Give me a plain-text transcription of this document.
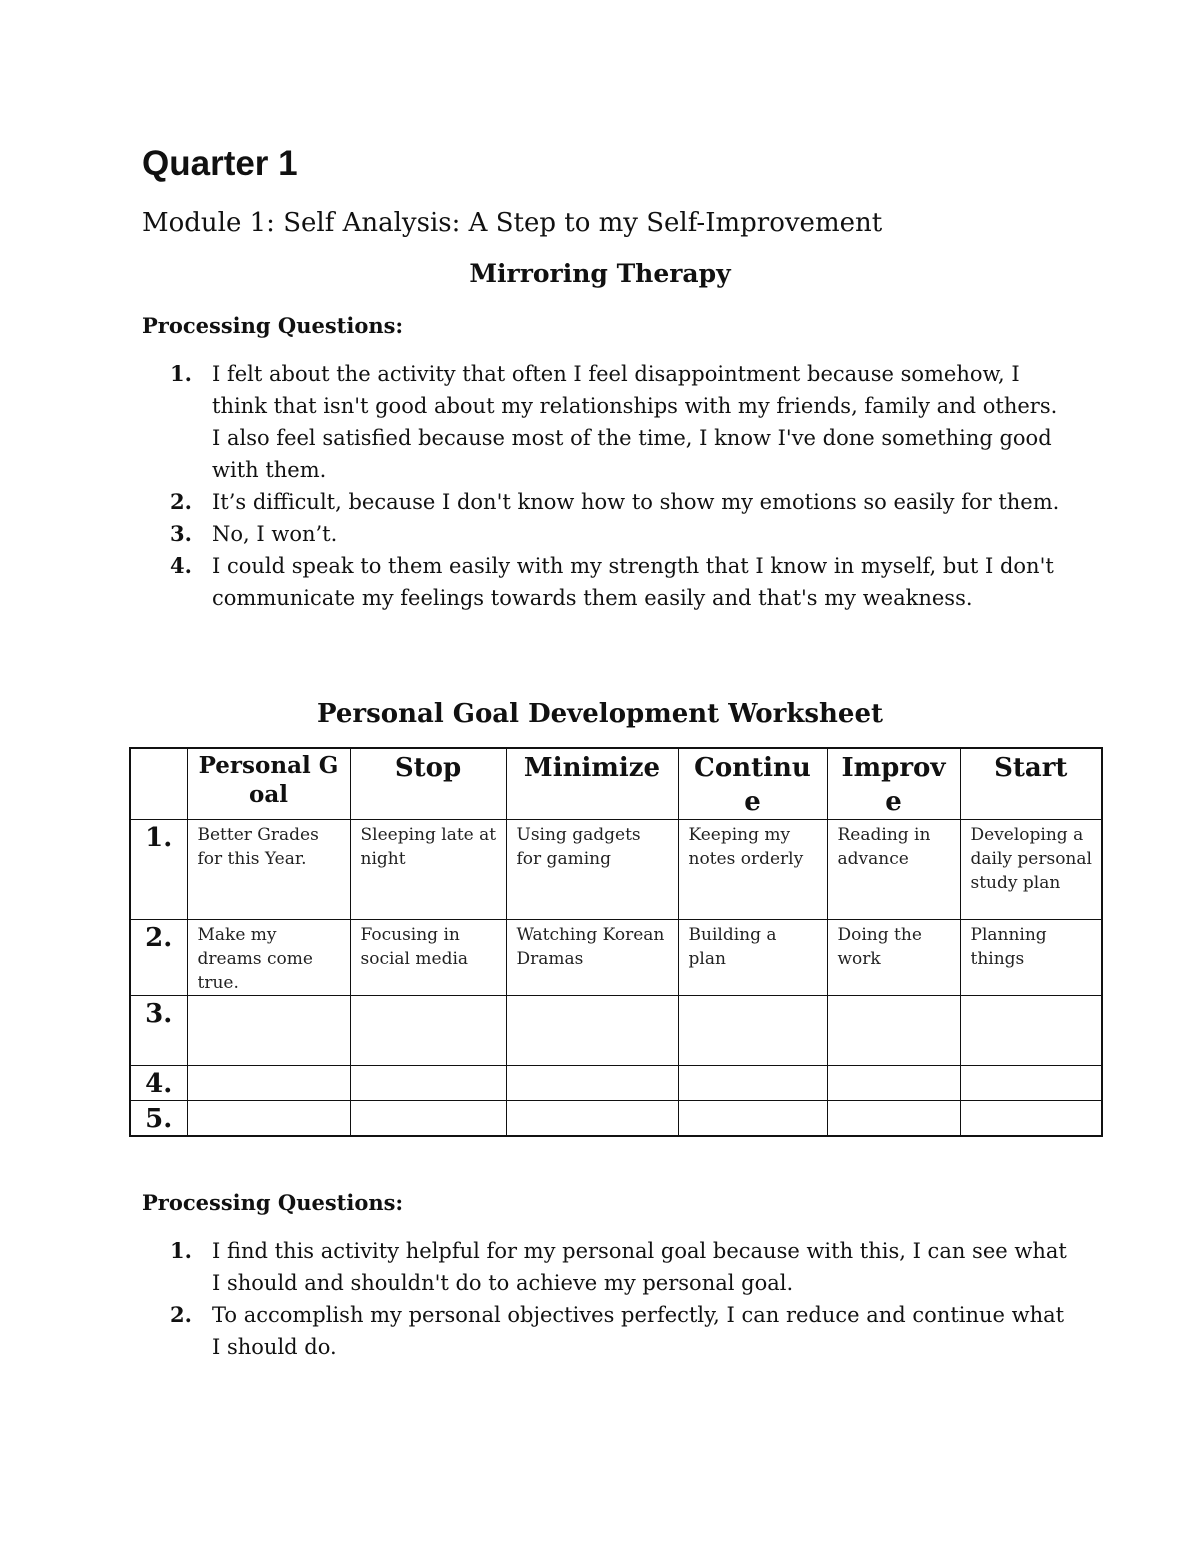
Quarter 1
Module 1: Self Analysis: A Step to my Self-Improvement
Mirroring Therapy
Processing Questions:
1. I felt about the activity that often I feel disappointment because somehow, I think that isn't good about my relationships with my friends, family and others. I also feel satisfied because most of the time, I know I've done something good with them.
2. It’s difficult, because I don't know how to show my emotions so easily for them.
3. No, I won’t.
4. I could speak to them easily with my strength that I know in myself, but I don't communicate my feelings towards them easily and that's my weakness.
Personal Goal Development Worksheet
	Personal Goal	Stop	Minimize	Continue	Improve	Start
1.	Better Grades for this Year.	Sleeping late at night	Using gadgets for gaming	Keeping my notes orderly	Reading in advance	Developing a daily personal study plan
2.	Make my dreams come true.	Focusing in social media	Watching Korean Dramas	Building a plan	Doing the work	Planning things
3.						
4.						
5.						
Processing Questions:
1. I find this activity helpful for my personal goal because with this, I can see what I should and shouldn't do to achieve my personal goal.
2. To accomplish my personal objectives perfectly, I can reduce and continue what I should do.
